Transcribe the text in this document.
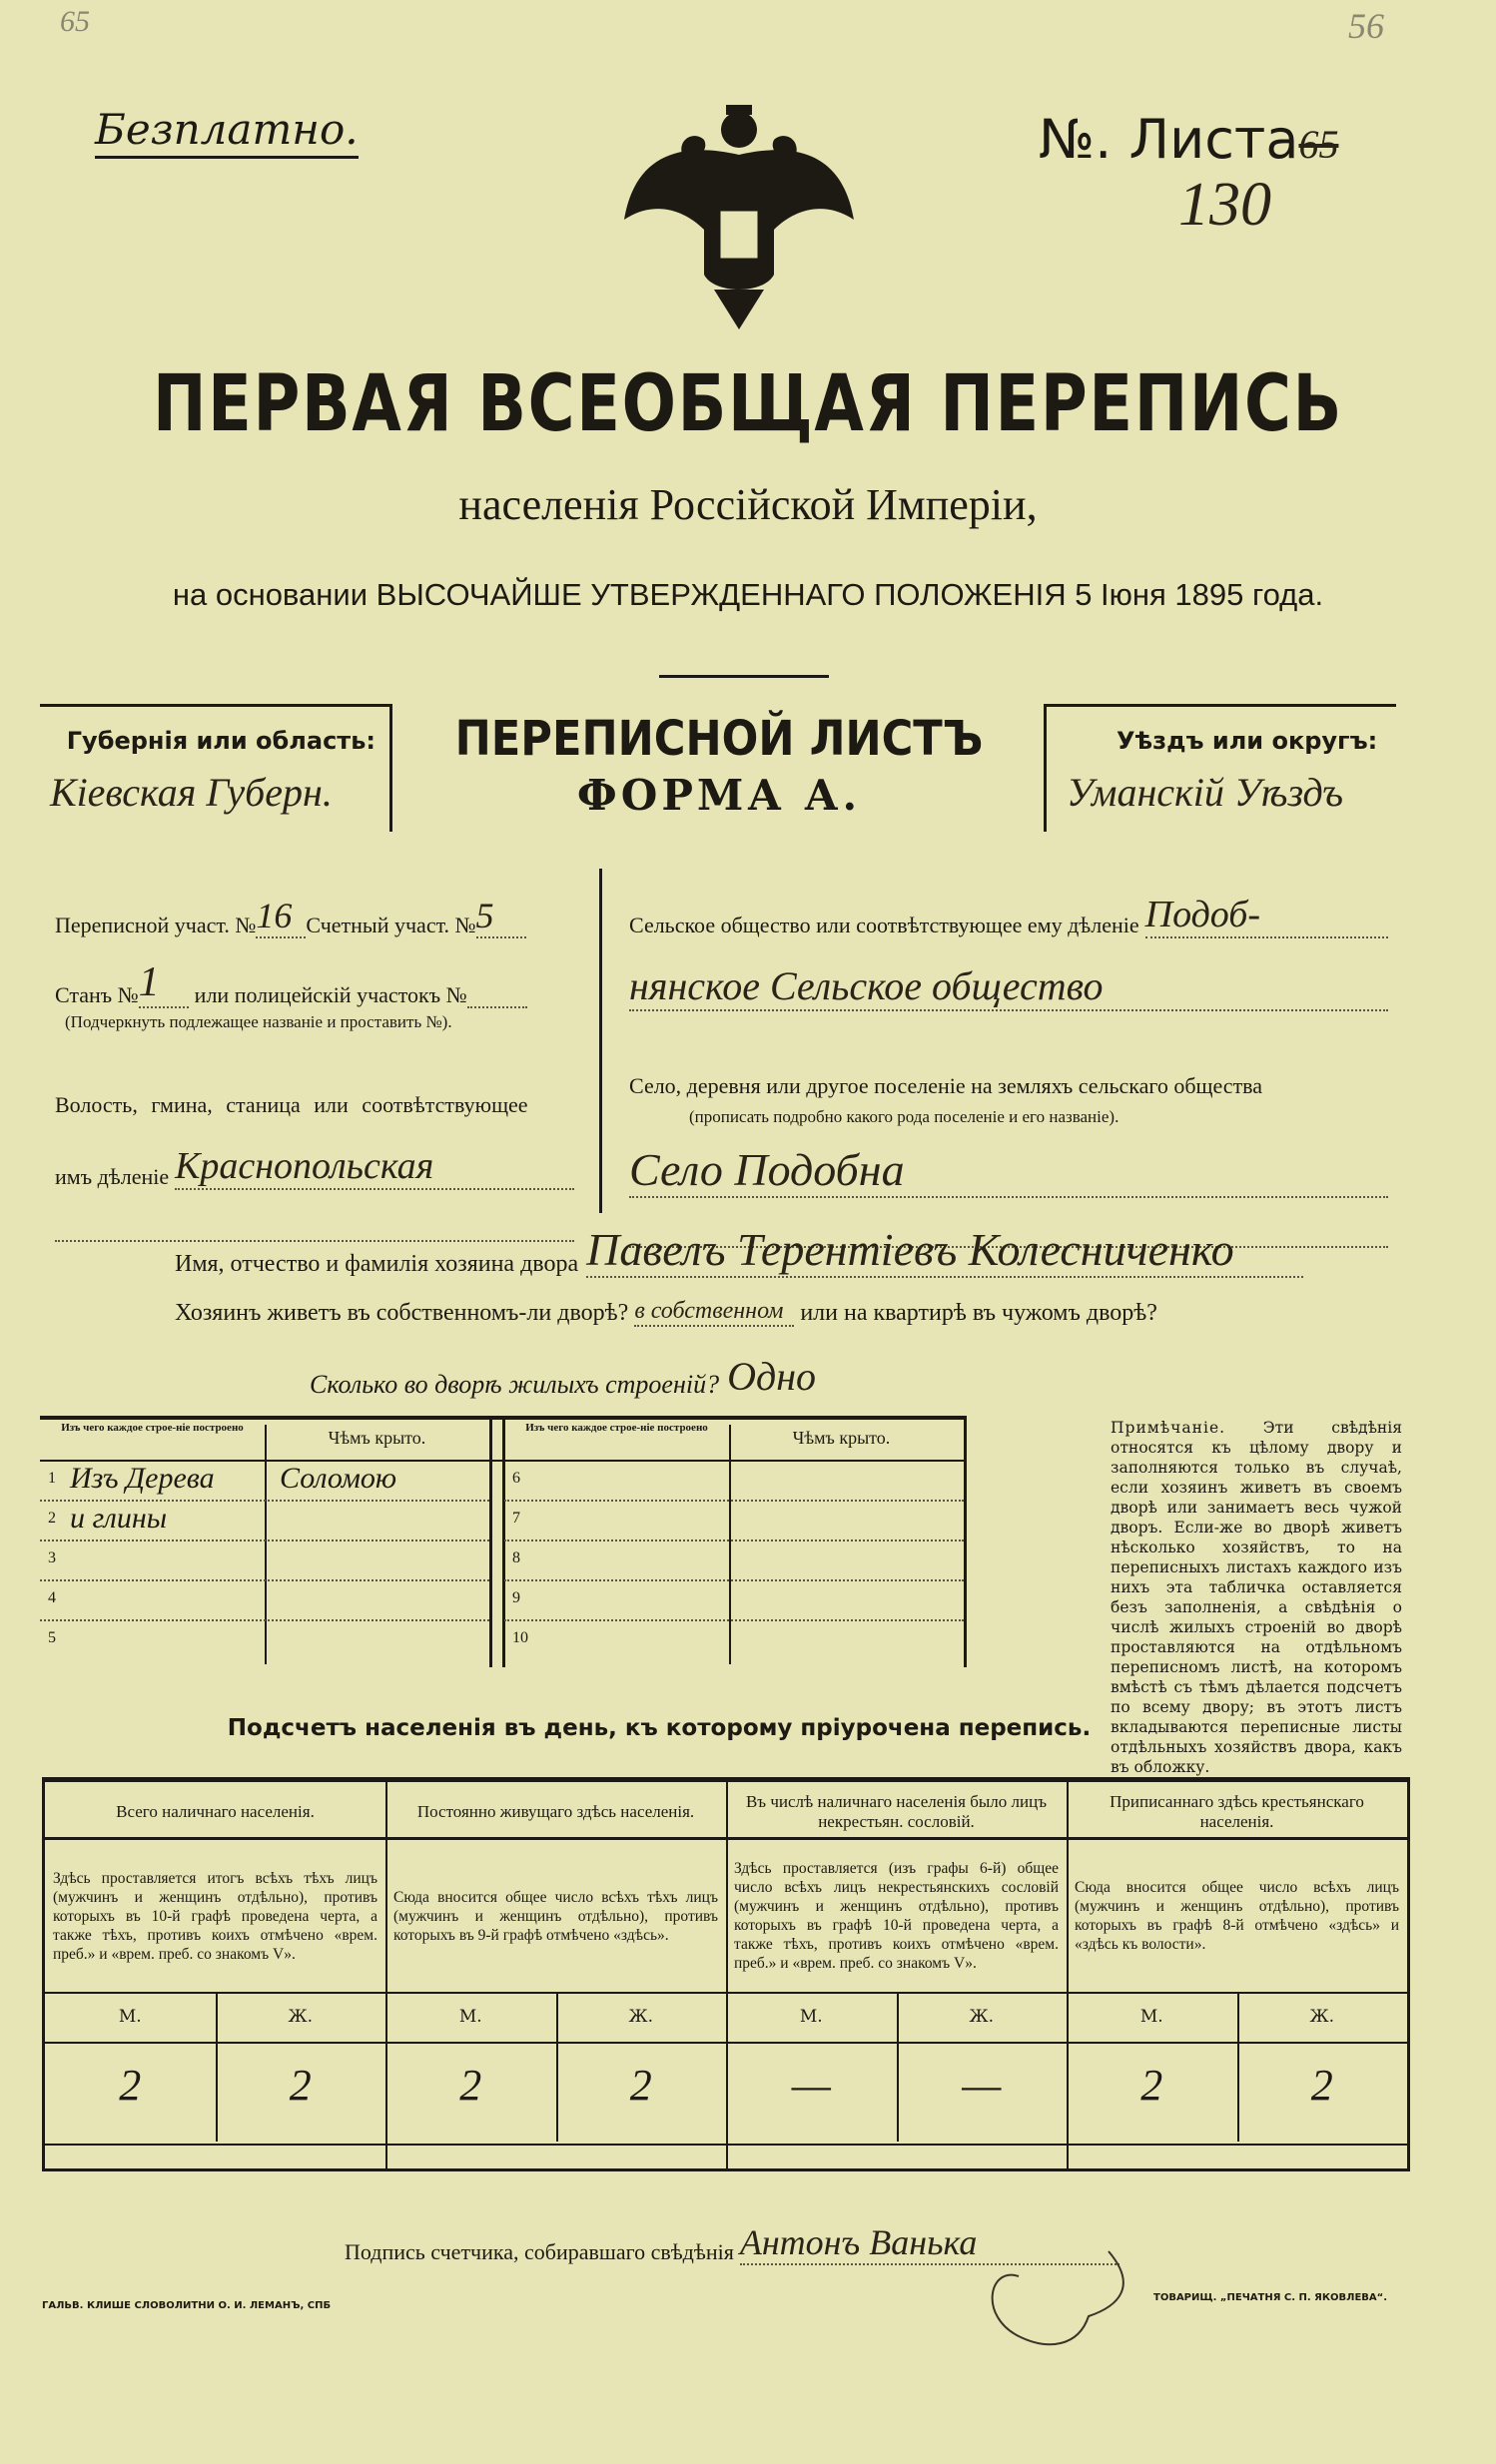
65	56
Безплатно.	№. Листа65
130
ПЕРВАЯ ВСЕОБЩАЯ ПЕРЕПИСЬ
населенія Россійской Имперіи,
на основании ВЫСОЧАЙШЕ УТВЕРЖДЕННАГО ПОЛОЖЕНІЯ 5 Іюня 1895 года.
Губернія или область:
Кіевская Губерн.
ПЕРЕПИСНОЙ ЛИСТЪ
ФОРМА А.
Уѣздъ или округъ:
Уманскій Уѣздъ
Переписной участ. № 16 Счетный участ. № 5
Станъ № 1	или полицейскій участокъ №
(Подчеркнуть подлежащее названіе и проставить №).
Волость, гмина, станица или соотвѣтствующее
имъ дѣленіе Краснопольская
Сельское общество или соотвѣтствующее ему дѣленіе Подоб-
нянское Сельское общество
Село, деревня или другое поселеніе на земляхъ сельскаго общества
(прописать подробно какого рода поселеніе и его названіе).
Село Подобна
Имя, отчество и фамилія хозяина двора Павелъ Терентіевъ Колесниченко
Хозяинъ живетъ въ собственномъ-ли дворѣ? в собственном или на квартирѣ въ чужомъ дворѣ?
Сколько во дворѣ жилыхъ строеній? Одно
Изъ чего каждое строе-ніе построено	Чѣмъ крыто.
1 Изъ Дерева	Соломою
2 и глины
3
4
5
Изъ чего каждое строе-ніе построено	Чѣмъ крыто.
6
7
8
9
10
Примѣчаніе. Эти свѣдѣнія относятся къ цѣлому двору и заполняются только въ случаѣ, если хозяинъ живетъ въ своемъ дворѣ или занимаетъ весь чужой дворъ. Если-же во дворѣ живетъ нѣсколько хозяйствъ, то на переписныхъ листахъ каждого изъ нихъ эта табличка оставляется безъ заполненія, а свѣдѣнія о числѣ жилыхъ строеній во дворѣ проставляются на отдѣльномъ переписномъ листѣ, на которомъ вмѣстѣ съ тѣмъ дѣлается подсчетъ по всему двору; въ этотъ листъ вкладываются переписные листы отдѣльныхъ хозяйствъ двора, какъ въ обложку.
Подсчетъ населенія въ день, къ которому пріурочена перепись.
Всего наличнаго населенія.
Здѣсь проставляется итогъ всѣхъ тѣхъ лицъ (мужчинъ и женщинъ отдѣльно), противъ которыхъ въ 10-й графѣ проведена черта, а также тѣхъ, противъ коихъ отмѣчено «врем. преб.» и «врем. преб. со знакомъ V».
М.	Ж.
2	2
Постоянно живущаго здѣсь населенія.
Сюда вносится общее число всѣхъ тѣхъ лицъ (мужчинъ и женщинъ отдѣльно), противъ которыхъ въ 9-й графѣ отмѣчено «здѣсь».
М.	Ж.
2	2
Въ числѣ наличнаго населенія было лицъ некрестьян. сословій.
Здѣсь проставляется (изъ графы 6-й) общее число всѣхъ лицъ некрестьянскихъ сословій (мужчинъ и женщинъ отдѣльно), противъ которыхъ въ графѣ 10-й проведена черта, а также тѣхъ, противъ коихъ отмѣчено «врем. преб.» и «врем. преб. со знакомъ V».
М.	Ж.
—	—
Приписаннаго здѣсь крестьянскаго населенія.
Сюда вносится общее число всѣхъ лицъ (мужчинъ и женщинъ отдѣльно), противъ которыхъ въ графѣ 8-й отмѣчено «здѣсь» и «здѣсь къ волости».
М.	Ж.
2	2
Подпись счетчика, собиравшаго свѣдѣнія Антонъ Ванька
ГАЛЬВ. КЛИШЕ СЛОВОЛИТНИ О. И. ЛЕМАНЪ, СПБ
ТОВАРИЩ. „ПЕЧАТНЯ С. П. ЯКОВЛЕВА“.
